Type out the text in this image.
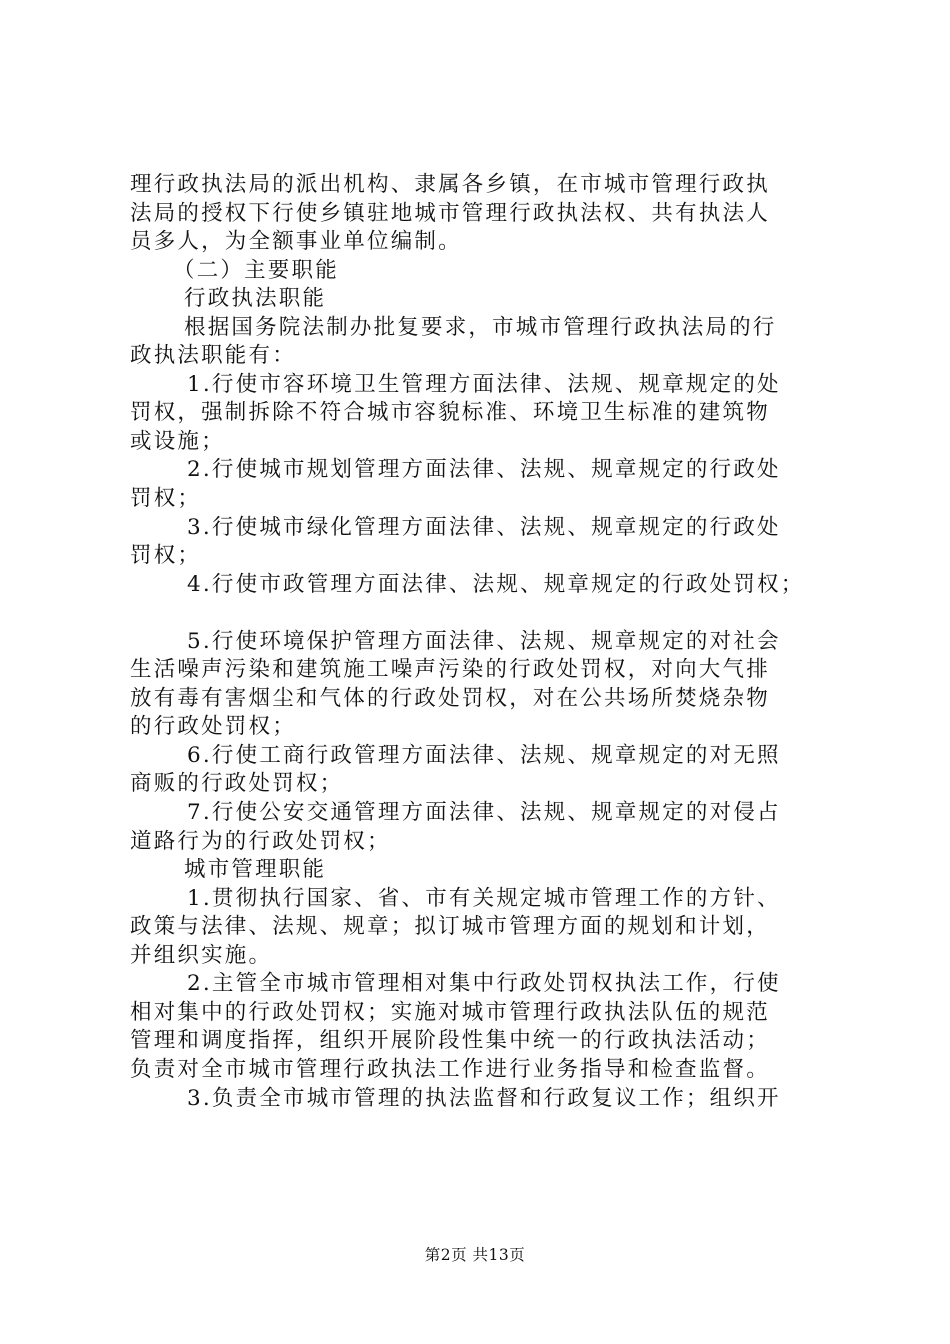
理行政执法局的派出机构、隶属各乡镇，在市城市管理行政执
法局的授权下行使乡镇驻地城市管理行政执法权、共有执法人
员多人，为全额事业单位编制。
（二）主要职能
行政执法职能
根据国务院法制办批复要求，市城市管理行政执法局的行
政执法职能有：
1.行使市容环境卫生管理方面法律、法规、规章规定的处
罚权，强制拆除不符合城市容貌标准、环境卫生标准的建筑物
或设施；
2.行使城市规划管理方面法律、法规、规章规定的行政处
罚权；
3.行使城市绿化管理方面法律、法规、规章规定的行政处
罚权；
4.行使市政管理方面法律、法规、规章规定的行政处罚权；
5.行使环境保护管理方面法律、法规、规章规定的对社会
生活噪声污染和建筑施工噪声污染的行政处罚权，对向大气排
放有毒有害烟尘和气体的行政处罚权，对在公共场所焚烧杂物
的行政处罚权；
6.行使工商行政管理方面法律、法规、规章规定的对无照
商贩的行政处罚权；
7.行使公安交通管理方面法律、法规、规章规定的对侵占
道路行为的行政处罚权；
城市管理职能
1.贯彻执行国家、省、市有关规定城市管理工作的方针、
政策与法律、法规、规章；拟订城市管理方面的规划和计划，
并组织实施。
2.主管全市城市管理相对集中行政处罚权执法工作，行使
相对集中的行政处罚权；实施对城市管理行政执法队伍的规范
管理和调度指挥，组织开展阶段性集中统一的行政执法活动；
负责对全市城市管理行政执法工作进行业务指导和检查监督。
3.负责全市城市管理的执法监督和行政复议工作；组织开
第2页 共13页
